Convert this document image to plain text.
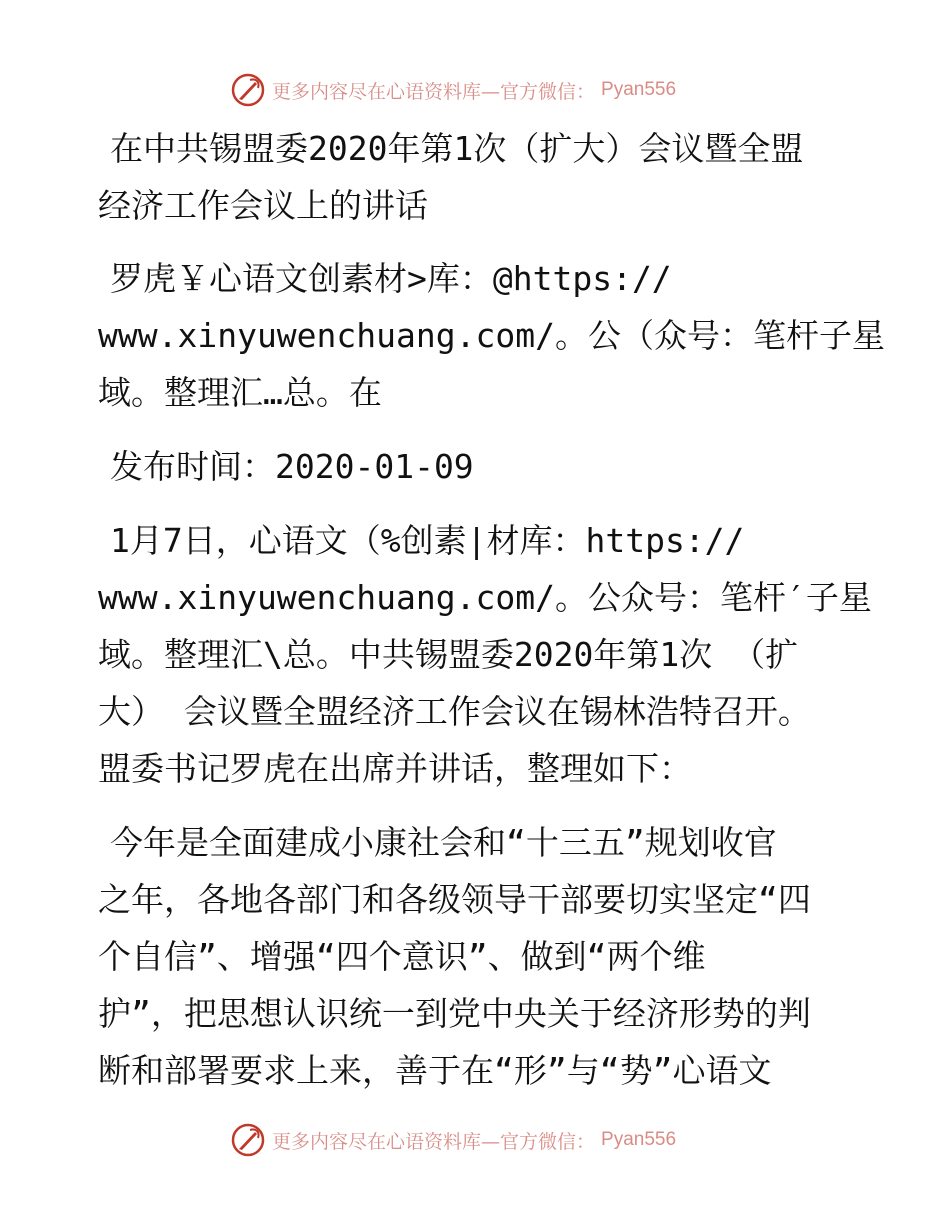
更多内容尽在心语资料库—官方微信： Pyan556

在中共锡盟委2020年第1次（扩大）会议暨全盟
经济工作会议上的讲话

罗虎￥心语文创素材>库：@https://
www.xinyuwenchuang.com/。公（众号：笔杆子星
域。整理汇…总。在

发布时间：2020-01-09

1月7日，心语文（%创素|材库：https://
www.xinyuwenchuang.com/。公众号：笔杆′子星
域。整理汇\总。中共锡盟委2020年第1次 （扩
大） 会议暨全盟经济工作会议在锡林浩特召开。
盟委书记罗虎在出席并讲话，整理如下：

今年是全面建成小康社会和“十三五”规划收官
之年，各地各部门和各级领导干部要切实坚定“四
个自信”、增强“四个意识”、做到“两个维
护”，把思想认识统一到党中央关于经济形势的判
断和部署要求上来，善于在“形”与“势”心语文

更多内容尽在心语资料库—官方微信： Pyan556
